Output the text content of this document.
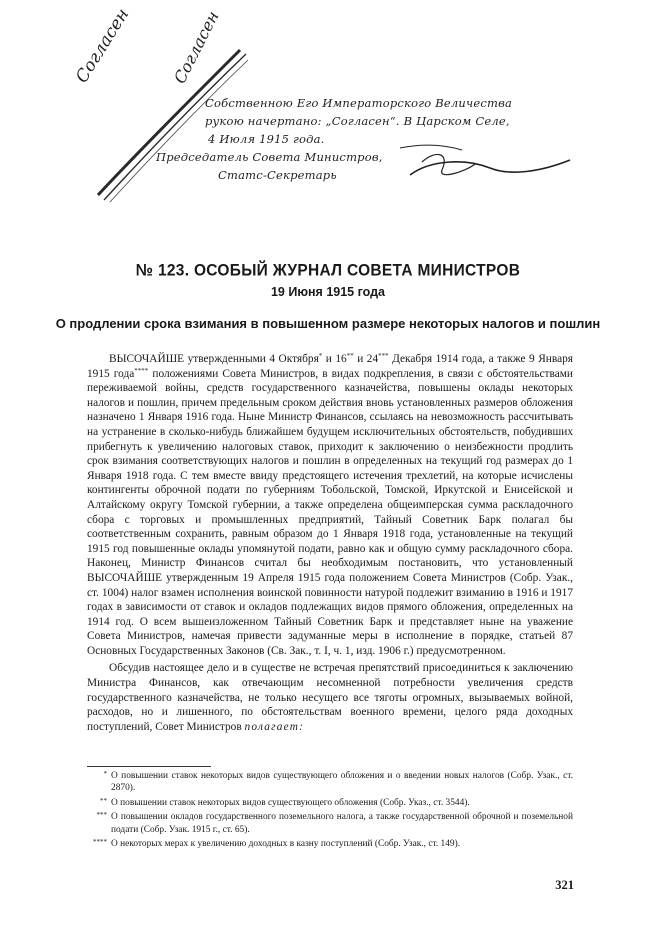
Согласен Согласен
Собственною Его Императорского Величества
рукою начертано: „Согласен“. В Царском Селе,
4 Июля 1915 года.
Председатель Совета Министров,
Статс-Секретарь
№ 123. ОСОБЫЙ ЖУРНАЛ СОВЕТА МИНИСТРОВ
19 Июня 1915 года
О продлении срока взимания в повышенном размере некоторых налогов и пошлин

ВЫСОЧАЙШЕ утвержденными 4 Октября* и 16** и 24*** Декабря 1914 года, а также 9 Января 1915 года**** положениями Совета Министров, в видах подкрепления, в связи с обстоятельствами переживаемой войны, средств государственного казначейства, повышены оклады некоторых налогов и пошлин, причем предельным сроком действия вновь установленных размеров обложения назначено 1 Января 1916 года. Ныне Министр Финансов, ссылаясь на невозможность рассчитывать на устранение в сколько-нибудь ближайшем будущем исключительных обстоятельств, побудивших прибегнуть к увеличению налоговых ставок, приходит к заключению о неизбежности продлить срок взимания соответствующих налогов и пошлин в определенных на текущий год размерах до 1 Января 1918 года. С тем вместе ввиду предстоящего истечения трехлетий, на которые исчислены контингенты оброчной подати по губерниям Тобольской, Томской, Иркутской и Енисейской и Алтайскому округу Томской губернии, а также определена общеимперская сумма раскладочного сбора с торговых и промышленных предприятий, Тайный Советник Барк полагал бы соответственным сохранить, равным образом до 1 Января 1918 года, установленные на текущий 1915 год повышенные оклады упомянутой подати, равно как и общую сумму раскладочного сбора. Наконец, Министр Финансов считал бы необходимым постановить, что установленный ВЫСОЧАЙШЕ утвержденным 19 Апреля 1915 года положением Совета Министров (Собр. Узак., ст. 1004) налог взамен исполнения воинской повинности натурой подлежит взиманию в 1916 и 1917 годах в зависимости от ставок и окладов подлежащих видов прямого обложения, определенных на 1914 год. О всем вышеизложенном Тайный Советник Барк и представляет ныне на уважение Совета Министров, намечая привести задуманные меры в исполнение в порядке, статьей 87 Основных Государственных Законов (Св. Зак., т. I, ч. 1, изд. 1906 г.) предусмотренном.

Обсудив настоящее дело и в существе не встречая препятствий присоединиться к заключению Министра Финансов, как отвечающим несомненной потребности увеличения средств государственного казначейства, не только несущего все тяготы огромных, вызываемых войной, расходов, но и лишенного, по обстоятельствам военного времени, целого ряда доходных поступлений, Совет Министров полагает:

* О повышении ставок некоторых видов существующего обложения и о введении новых налогов (Собр. Узак., ст. 2870).

** О повышении ставок некоторых видов существующего обложения (Собр. Указ., ст. 3544).

*** О повышении окладов государственного поземельного налога, а также государственной оброчной и поземельной подати (Собр. Узак. 1915 г., ст. 65).

**** О некоторых мерах к увеличению доходных в казну поступлений (Собр. Узак., ст. 149).

321
